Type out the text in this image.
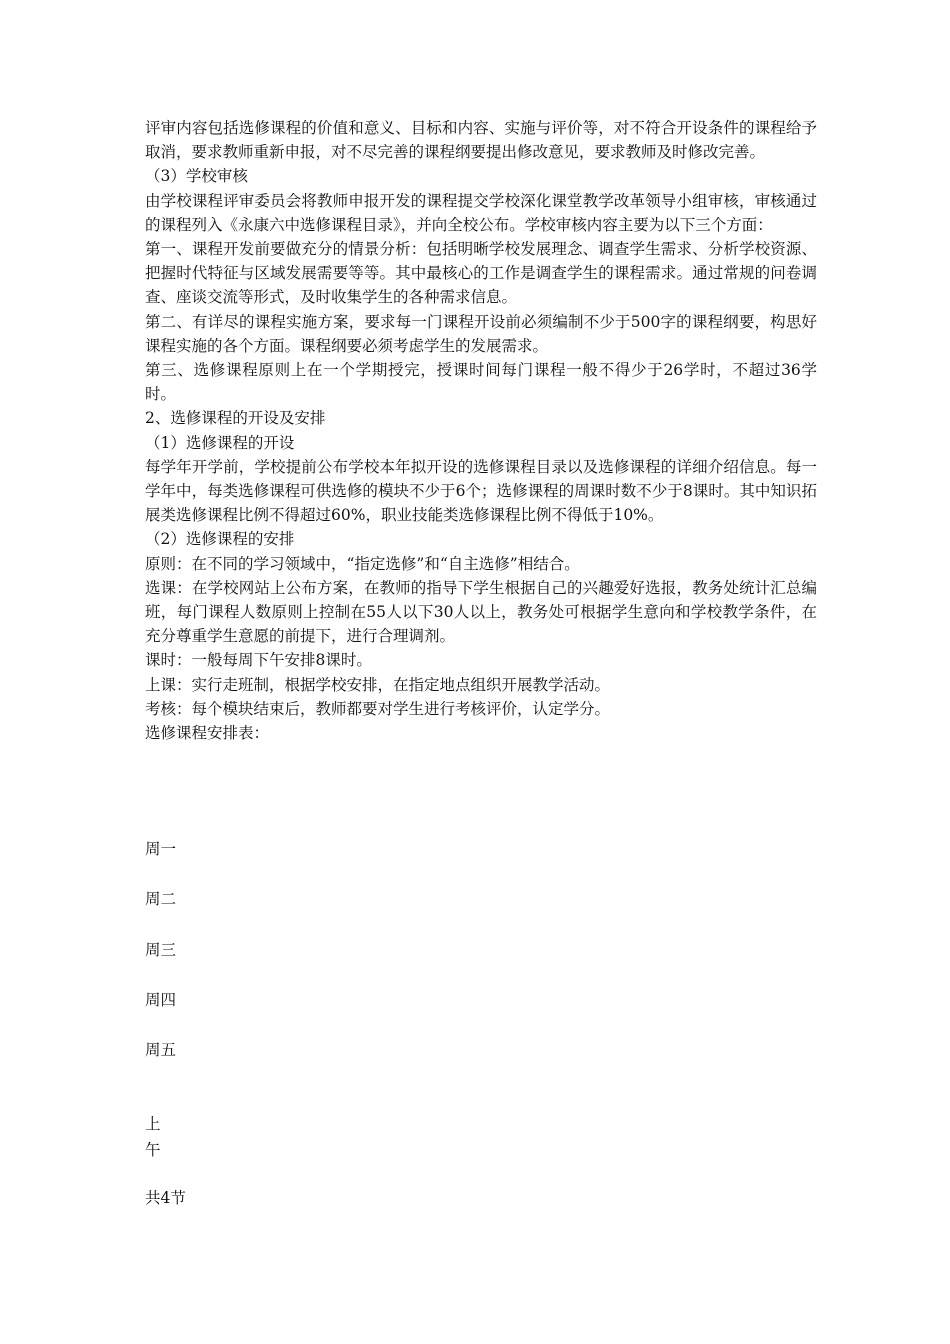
评审内容包括选修课程的价值和意义、目标和内容、实施与评价等，对不符合开设条件的课程给予取消，要求教师重新申报，对不尽完善的课程纲要提出修改意见，要求教师及时修改完善。

（3）学校审核

由学校课程评审委员会将教师申报开发的课程提交学校深化课堂教学改革领导小组审核，审核通过的课程列入《永康六中选修课程目录》，并向全校公布。学校审核内容主要为以下三个方面：

第一、课程开发前要做充分的情景分析：包括明晰学校发展理念、调查学生需求、分析学校资源、把握时代特征与区域发展需要等等。其中最核心的工作是调查学生的课程需求。通过常规的问卷调查、座谈交流等形式，及时收集学生的各种需求信息。

第二、有详尽的课程实施方案，要求每一门课程开设前必须编制不少于500字的课程纲要，构思好课程实施的各个方面。课程纲要必须考虑学生的发展需求。

第三、选修课程原则上在一个学期授完，授课时间每门课程一般不得少于26学时，不超过36学时。

2、选修课程的开设及安排

（1）选修课程的开设

每学年开学前，学校提前公布学校本年拟开设的选修课程目录以及选修课程的详细介绍信息。每一学年中，每类选修课程可供选修的模块不少于6个；选修课程的周课时数不少于8课时。其中知识拓展类选修课程比例不得超过60%，职业技能类选修课程比例不得低于10%。

（2）选修课程的安排

原则：在不同的学习领域中，“指定选修”和“自主选修”相结合。

选课：在学校网站上公布方案，在教师的指导下学生根据自己的兴趣爱好选报，教务处统计汇总编班，每门课程人数原则上控制在55人以下30人以上，教务处可根据学生意向和学校教学条件，在充分尊重学生意愿的前提下，进行合理调剂。

课时：一般每周下午安排8课时。

上课：实行走班制，根据学校安排，在指定地点组织开展教学活动。

考核：每个模块结束后，教师都要对学生进行考核评价，认定学分。

选修课程安排表：

周一
周二
周三
周四
周五
上
午
共4节
